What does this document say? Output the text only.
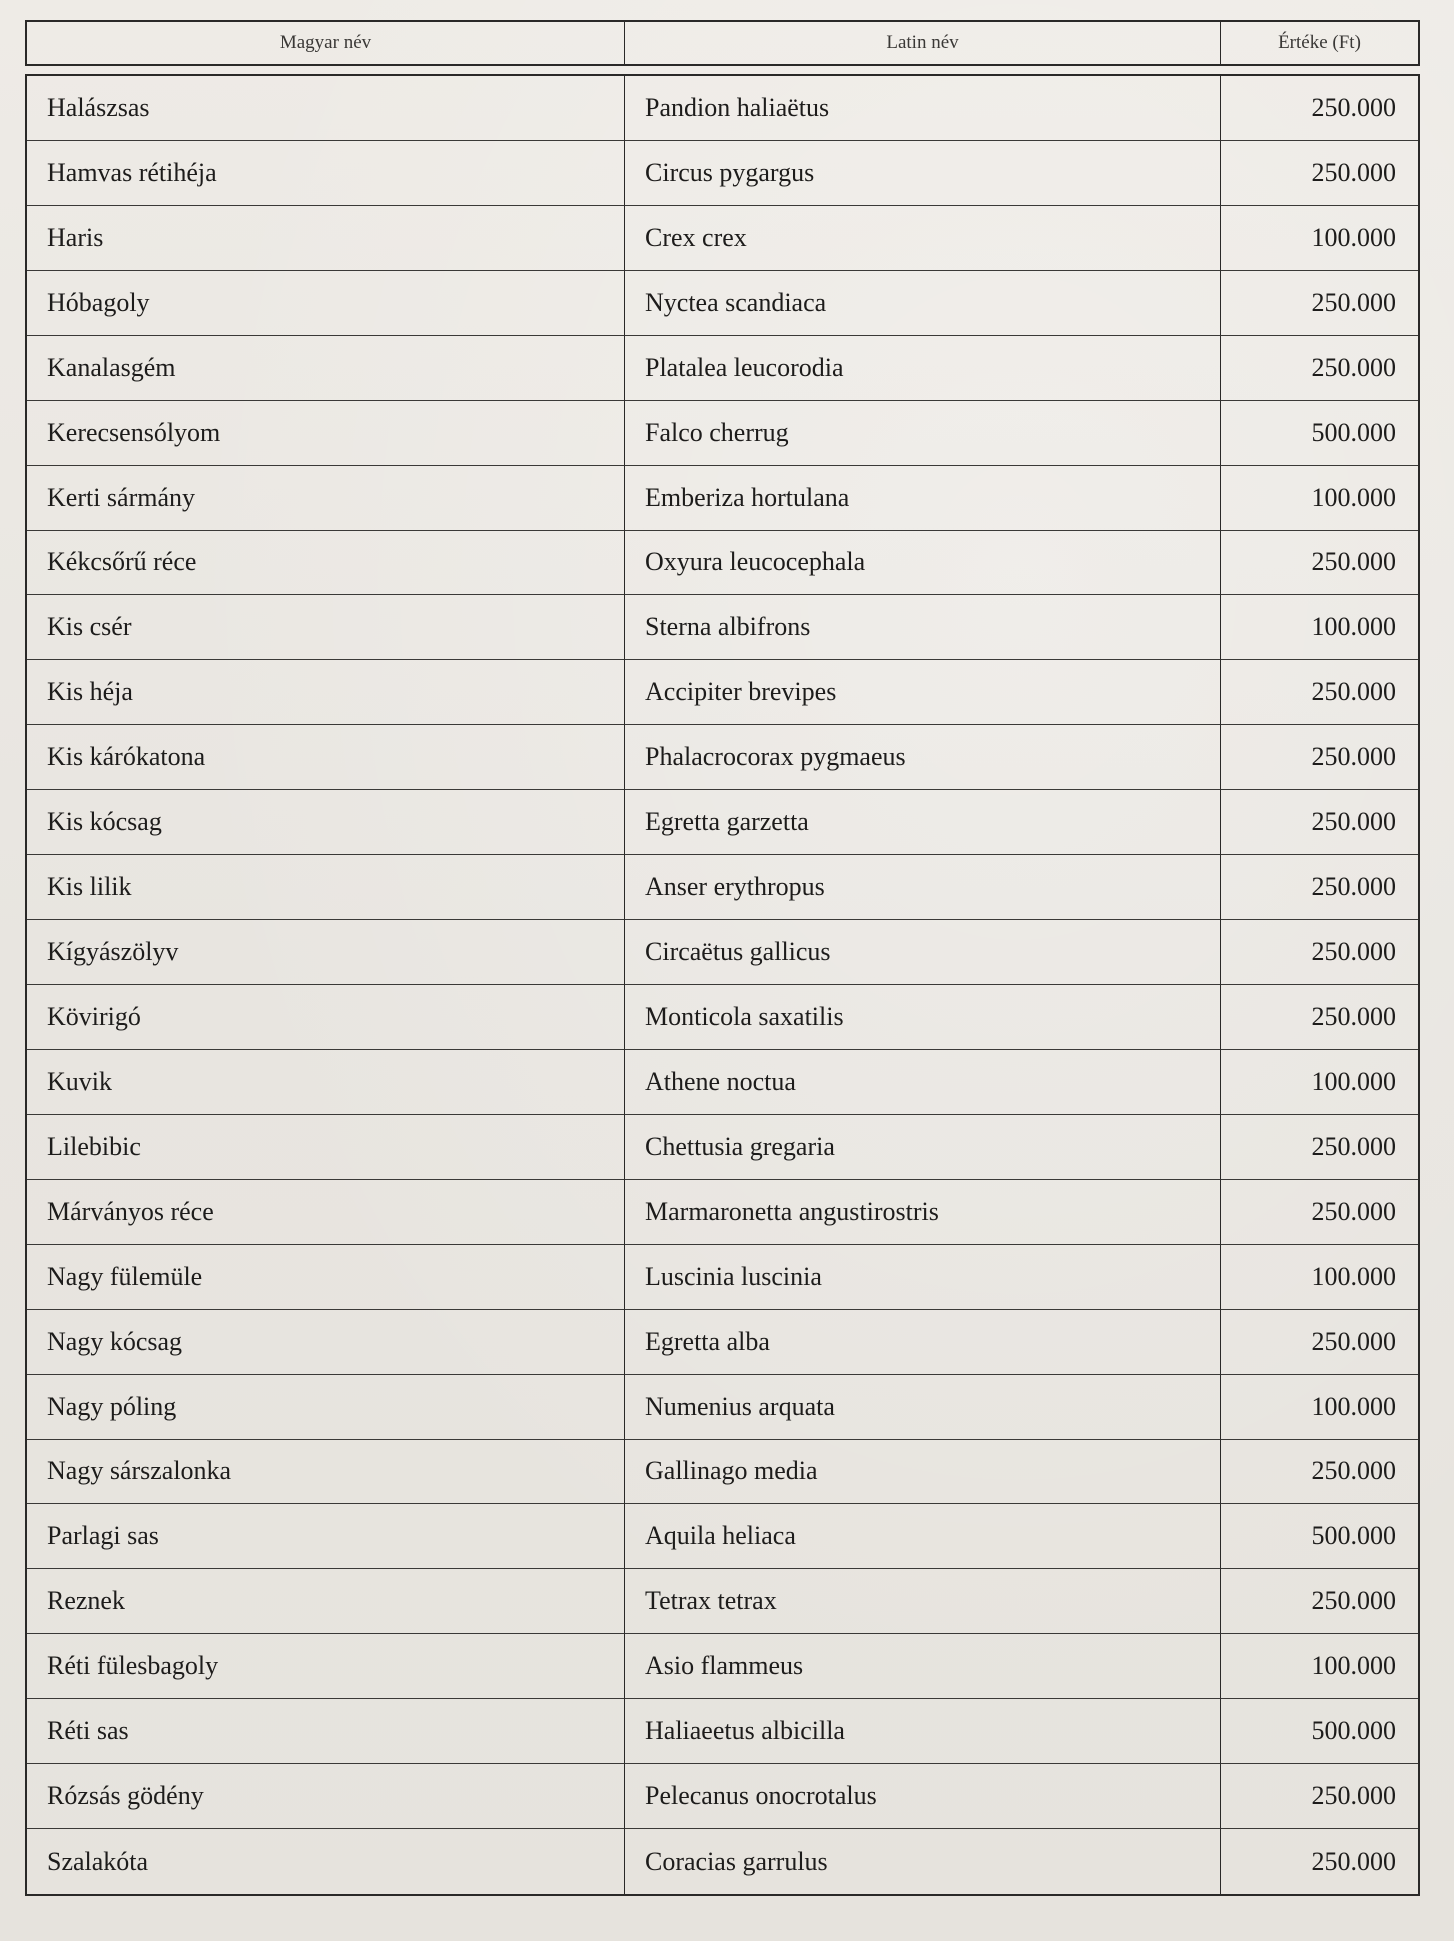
Magyar név	Latin név	Értéke (Ft)
Halászsas	Pandion haliaëtus	250.000
Hamvas rétihéja	Circus pygargus	250.000
Haris	Crex crex	100.000
Hóbagoly	Nyctea scandiaca	250.000
Kanalasgém	Platalea leucorodia	250.000
Kerecsensólyom	Falco cherrug	500.000
Kerti sármány	Emberiza hortulana	100.000
Kékcsőrű réce	Oxyura leucocephala	250.000
Kis csér	Sterna albifrons	100.000
Kis héja	Accipiter brevipes	250.000
Kis kárókatona	Phalacrocorax pygmaeus	250.000
Kis kócsag	Egretta garzetta	250.000
Kis lilik	Anser erythropus	250.000
Kígyászölyv	Circaëtus gallicus	250.000
Kövirigó	Monticola saxatilis	250.000
Kuvik	Athene noctua	100.000
Lilebibic	Chettusia gregaria	250.000
Márványos réce	Marmaronetta angustirostris	250.000
Nagy fülemüle	Luscinia luscinia	100.000
Nagy kócsag	Egretta alba	250.000
Nagy póling	Numenius arquata	100.000
Nagy sárszalonka	Gallinago media	250.000
Parlagi sas	Aquila heliaca	500.000
Reznek	Tetrax tetrax	250.000
Réti fülesbagoly	Asio flammeus	100.000
Réti sas	Haliaeetus albicilla	500.000
Rózsás gödény	Pelecanus onocrotalus	250.000
Szalakóta	Coracias garrulus	250.000
